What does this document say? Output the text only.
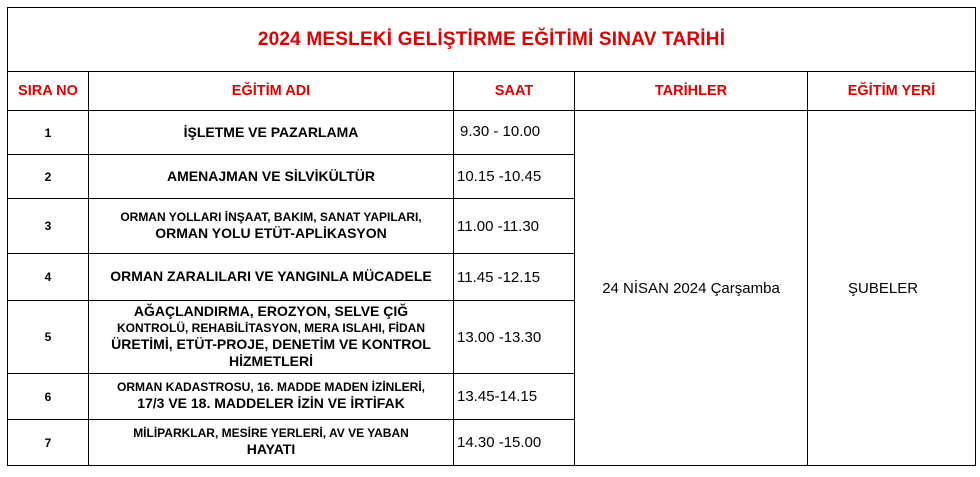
2024 MESLEKİ GELİŞTİRME EĞİTİMİ SINAV TARİHİ				
SIRA NO	EĞİTİM ADI	SAAT	TARİHLER	EĞİTİM YERİ
1	İŞLETME VE PAZARLAMA	9.30 - 10.00	24 NİSAN 2024 Çarşamba	ŞUBELER
2	AMENAJMAN VE SİLVİKÜLTÜR	10.15 -10.45		
3	ORMAN YOLLARI İNŞAAT, BAKIM, SANAT YAPILARI,
ORMAN YOLU ETÜT-APLİKASYON	11.00 -11.30		
4	ORMAN ZARALILARI VE YANGINLA MÜCADELE	11.45 -12.15		
5	AĞAÇLANDIRMA, EROZYON, SELVE ÇIĞ
KONTROLÜ, REHABİLİTASYON, MERA ISLAHI, FİDAN
ÜRETİMİ, ETÜT-PROJE, DENETİM VE KONTROL
HİZMETLERİ	13.00 -13.30		
6	ORMAN KADASTROSU, 16. MADDE MADEN İZİNLERİ,
17/3 VE 18. MADDELER İZİN VE İRTİFAK	13.45-14.15		
7	MİLİPARKLAR, MESİRE YERLERİ, AV VE YABAN
HAYATI	14.30 -15.00		
